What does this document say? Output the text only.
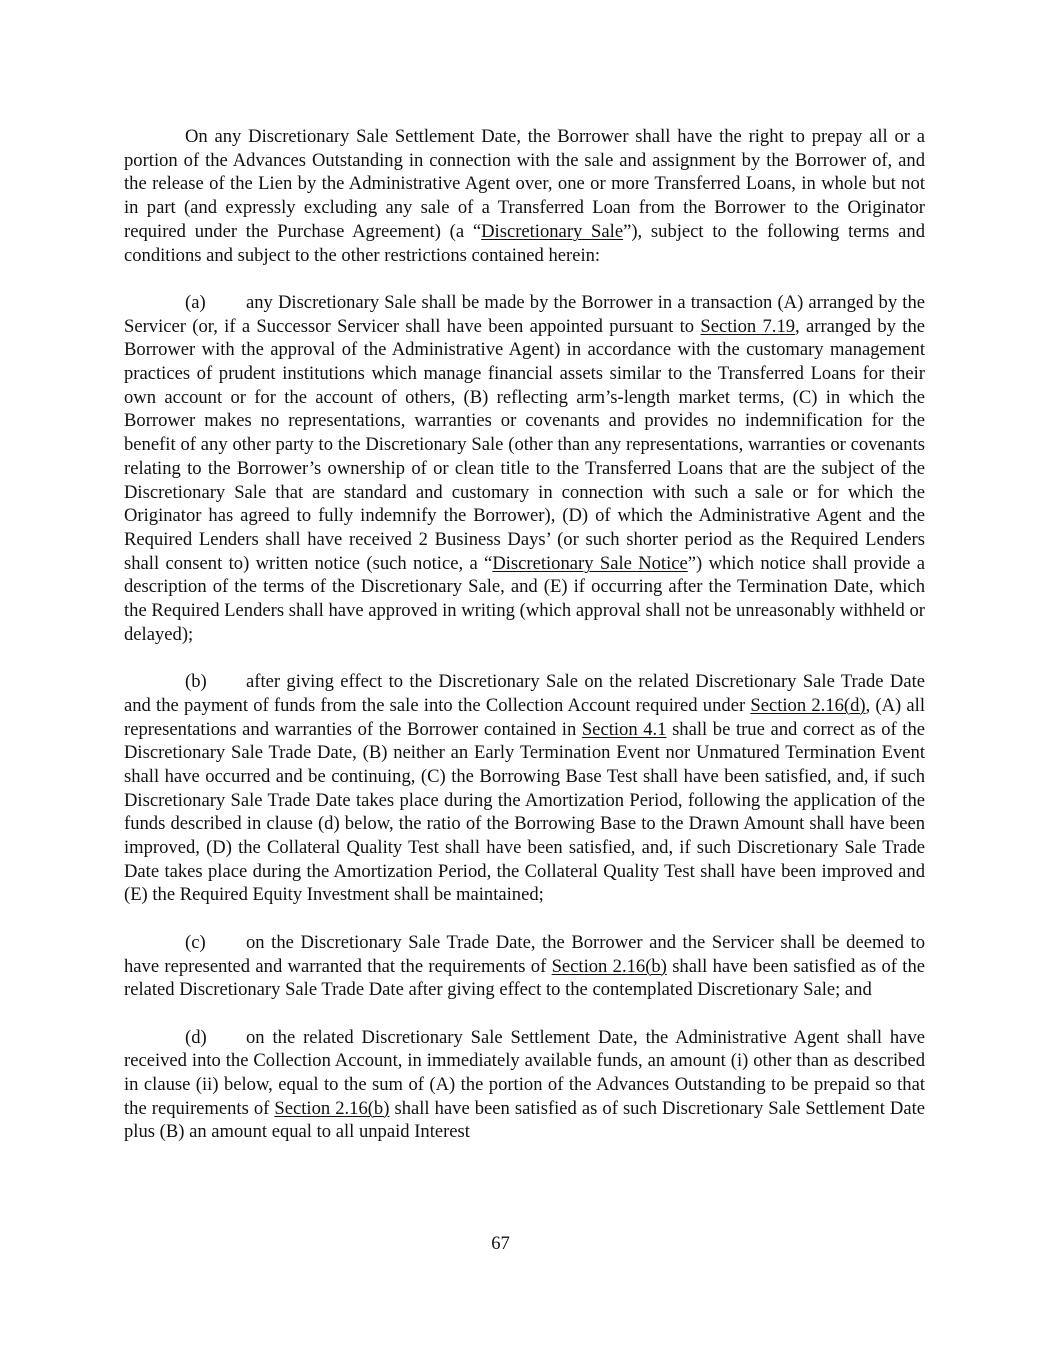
On any Discretionary Sale Settlement Date, the Borrower shall have the right to prepay all or a portion of the Advances Outstanding in connection with the sale and assignment by the Borrower of, and the release of the Lien by the Administrative Agent over, one or more Transferred Loans, in whole but not in part (and expressly excluding any sale of a Transferred Loan from the Borrower to the Originator required under the Purchase Agreement) (a “Discretionary Sale”), subject to the following terms and conditions and subject to the other restrictions contained herein:

(a) any Discretionary Sale shall be made by the Borrower in a transaction (A) arranged by the Servicer (or, if a Successor Servicer shall have been appointed pursuant to Section 7.19, arranged by the Borrower with the approval of the Administrative Agent) in accordance with the customary management practices of prudent institutions which manage financial assets similar to the Transferred Loans for their own account or for the account of others, (B) reflecting arm’s-length market terms, (C) in which the Borrower makes no representations, warranties or covenants and provides no indemnification for the benefit of any other party to the Discretionary Sale (other than any representations, warranties or covenants relating to the Borrower’s ownership of or clean title to the Transferred Loans that are the subject of the Discretionary Sale that are standard and customary in connection with such a sale or for which the Originator has agreed to fully indemnify the Borrower), (D) of which the Administrative Agent and the Required Lenders shall have received 2 Business Days’ (or such shorter period as the Required Lenders shall consent to) written notice (such notice, a “Discretionary Sale Notice”) which notice shall provide a description of the terms of the Discretionary Sale, and (E) if occurring after the Termination Date, which the Required Lenders shall have approved in writing (which approval shall not be unreasonably withheld or delayed);

(b) after giving effect to the Discretionary Sale on the related Discretionary Sale Trade Date and the payment of funds from the sale into the Collection Account required under Section 2.16(d), (A) all representations and warranties of the Borrower contained in Section 4.1 shall be true and correct as of the Discretionary Sale Trade Date, (B) neither an Early Termination Event nor Unmatured Termination Event shall have occurred and be continuing, (C) the Borrowing Base Test shall have been satisfied, and, if such Discretionary Sale Trade Date takes place during the Amortization Period, following the application of the funds described in clause (d) below, the ratio of the Borrowing Base to the Drawn Amount shall have been improved, (D) the Collateral Quality Test shall have been satisfied, and, if such Discretionary Sale Trade Date takes place during the Amortization Period, the Collateral Quality Test shall have been improved and (E) the Required Equity Investment shall be maintained;

(c) on the Discretionary Sale Trade Date, the Borrower and the Servicer shall be deemed to have represented and warranted that the requirements of Section 2.16(b) shall have been satisfied as of the related Discretionary Sale Trade Date after giving effect to the contemplated Discretionary Sale; and

(d) on the related Discretionary Sale Settlement Date, the Administrative Agent shall have received into the Collection Account, in immediately available funds, an amount (i) other than as described in clause (ii) below, equal to the sum of (A) the portion of the Advances Outstanding to be prepaid so that the requirements of Section 2.16(b) shall have been satisfied as of such Discretionary Sale Settlement Date plus (B) an amount equal to all unpaid Interest

67
